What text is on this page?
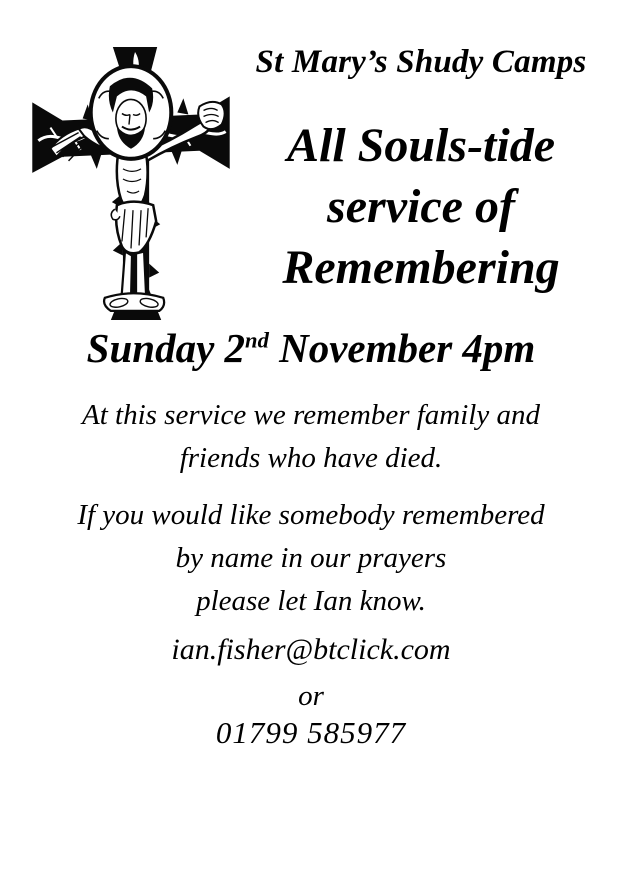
St Mary’s Shudy Camps
All Souls-tide
service of
Remembering
Sunday 2nd November 4pm
At this service we remember family and
friends who have died.
If you would like somebody remembered
by name in our prayers
please let Ian know.
ian.fisher@btclick.com
or
01799 585977
